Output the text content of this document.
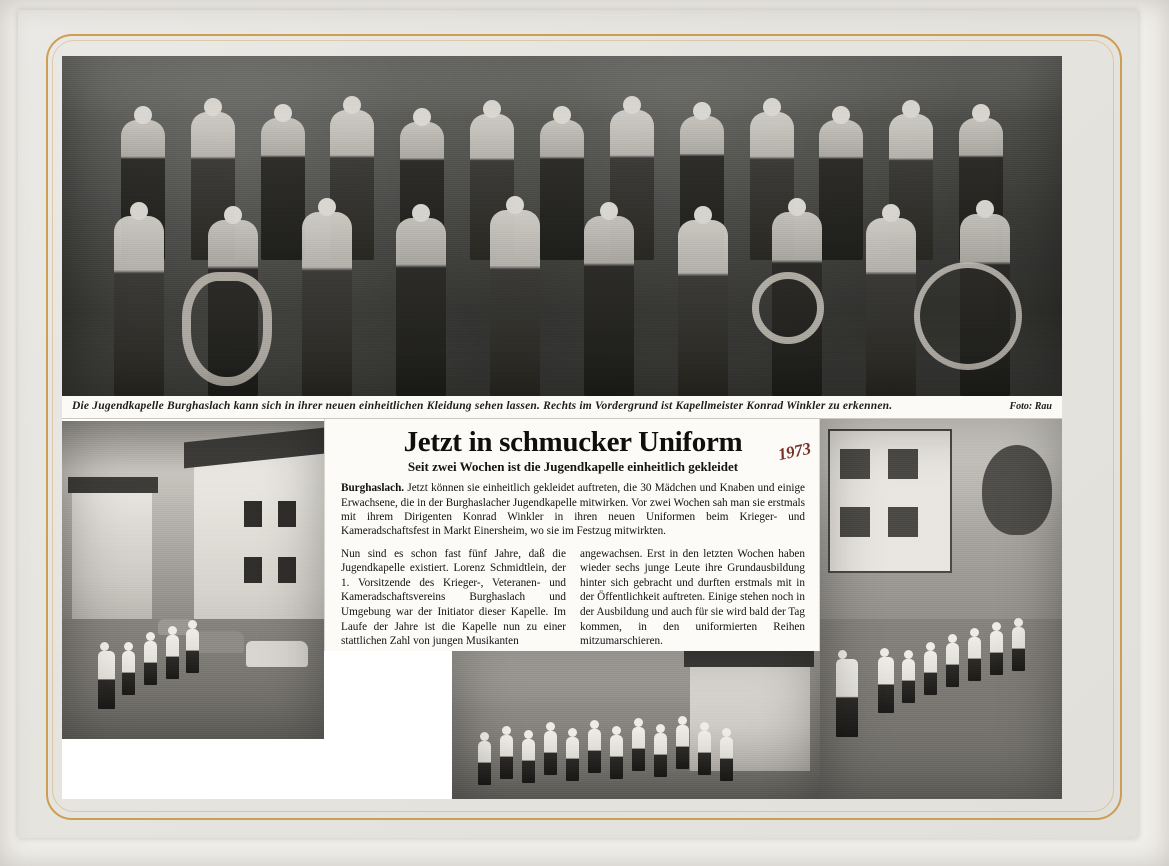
Die Jugendkapelle Burghaslach kann sich in ihrer neuen einheitlichen Kleidung sehen lassen. Rechts im Vordergrund ist Kapellmeister Konrad Winkler zu erkennen.	Foto: Rau
Jetzt in schmucker Uniform 1973
Seit zwei Wochen ist die Jugendkapelle einheitlich gekleidet

Burghaslach. Jetzt können sie einheitlich gekleidet auftreten, die 30 Mädchen und Knaben und einige Erwachsene, die in der Burghaslacher Jugendkapelle mitwirken. Vor zwei Wochen sah man sie erstmals mit ihrem Dirigenten Konrad Winkler in ihren neuen Uniformen beim Krieger- und Kameradschaftsfest in Markt Einersheim, wo sie im Festzug mitwirkten.

Nun sind es schon fast fünf Jahre, daß die Jugendkapelle existiert. Lorenz Schmidtlein, der 1. Vorsitzende des Krieger-, Veteranen- und Kameradschaftsvereins Burghaslach und Umgebung war der Initiator dieser Kapelle. Im Laufe der Jahre ist die Kapelle nun zu einer stattlichen Zahl von jungen Musikanten
angewachsen. Erst in den letzten Wochen haben wieder sechs junge Leute ihre Grundausbildung hinter sich gebracht und durften erstmals mit in der Öffentlichkeit auftreten. Einige stehen noch in der Ausbildung und auch für sie wird bald der Tag kommen, in den uniformierten Reihen mitzumarschieren.
